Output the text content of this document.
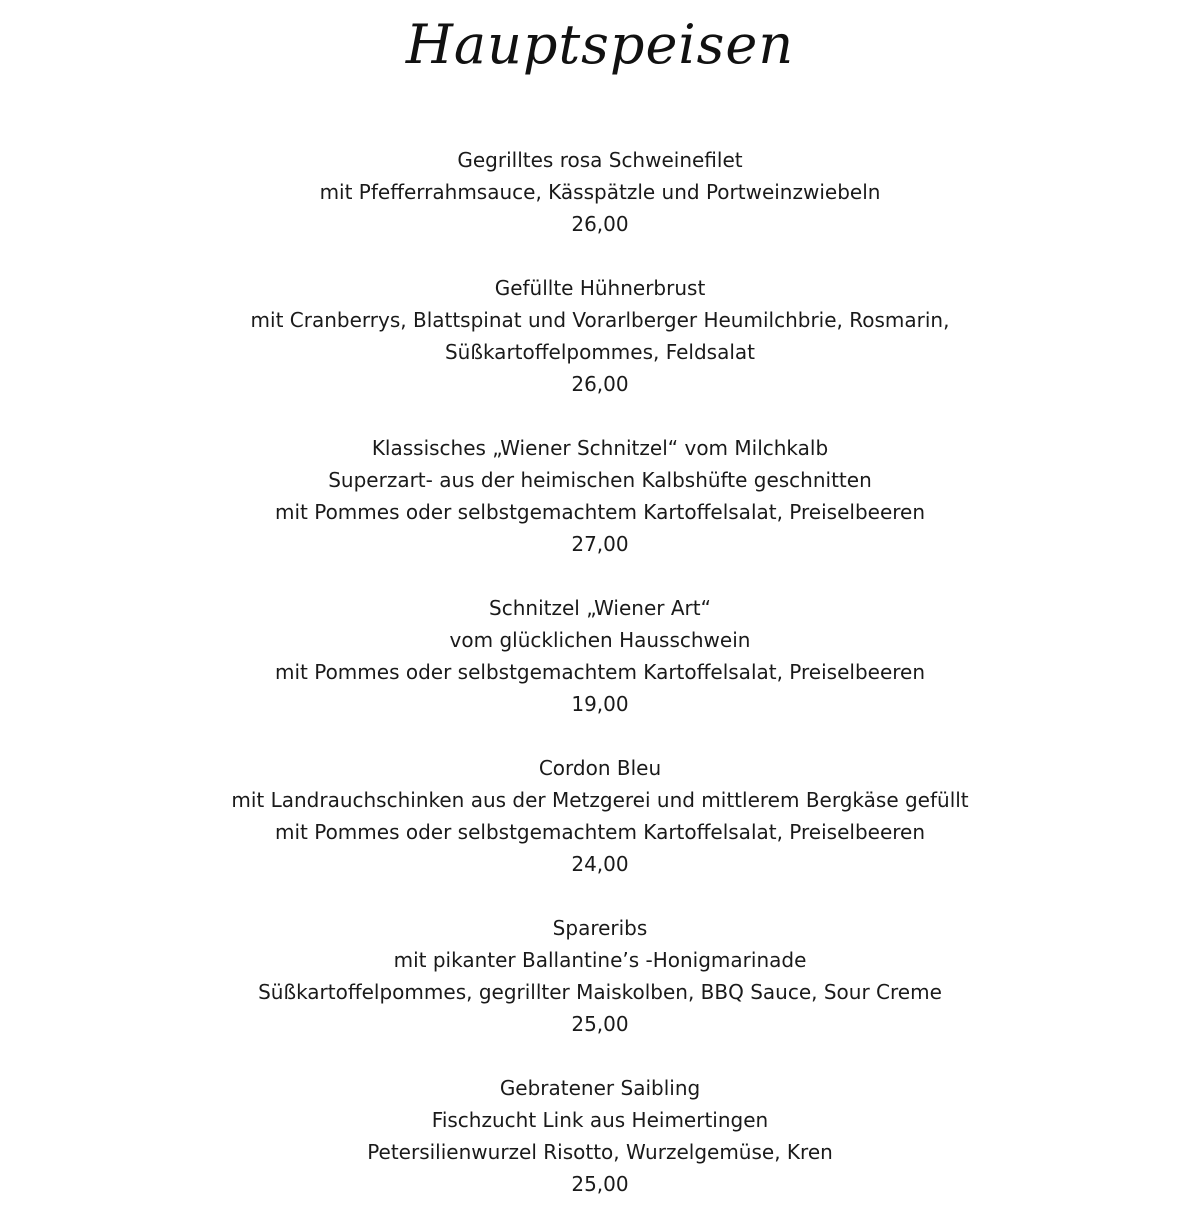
Hauptspeisen
Gegrilltes rosa Schweinefilet
mit Pfefferrahmsauce, Kässpätzle und Portweinzwiebeln
26,00
Gefüllte Hühnerbrust
mit Cranberrys, Blattspinat und Vorarlberger Heumilchbrie, Rosmarin,
Süßkartoffelpommes, Feldsalat
26,00
Klassisches „Wiener Schnitzel“ vom Milchkalb
Superzart- aus der heimischen Kalbshüfte geschnitten
mit Pommes oder selbstgemachtem Kartoffelsalat, Preiselbeeren
27,00
Schnitzel „Wiener Art“
vom glücklichen Hausschwein
mit Pommes oder selbstgemachtem Kartoffelsalat, Preiselbeeren
19,00
Cordon Bleu
mit Landrauchschinken aus der Metzgerei und mittlerem Bergkäse gefüllt
mit Pommes oder selbstgemachtem Kartoffelsalat, Preiselbeeren
24,00
Spareribs
mit pikanter Ballantine’s -Honigmarinade
Süßkartoffelpommes, gegrillter Maiskolben, BBQ Sauce, Sour Creme
25,00
Gebratener Saibling
Fischzucht Link aus Heimertingen
Petersilienwurzel Risotto, Wurzelgemüse, Kren
25,00
